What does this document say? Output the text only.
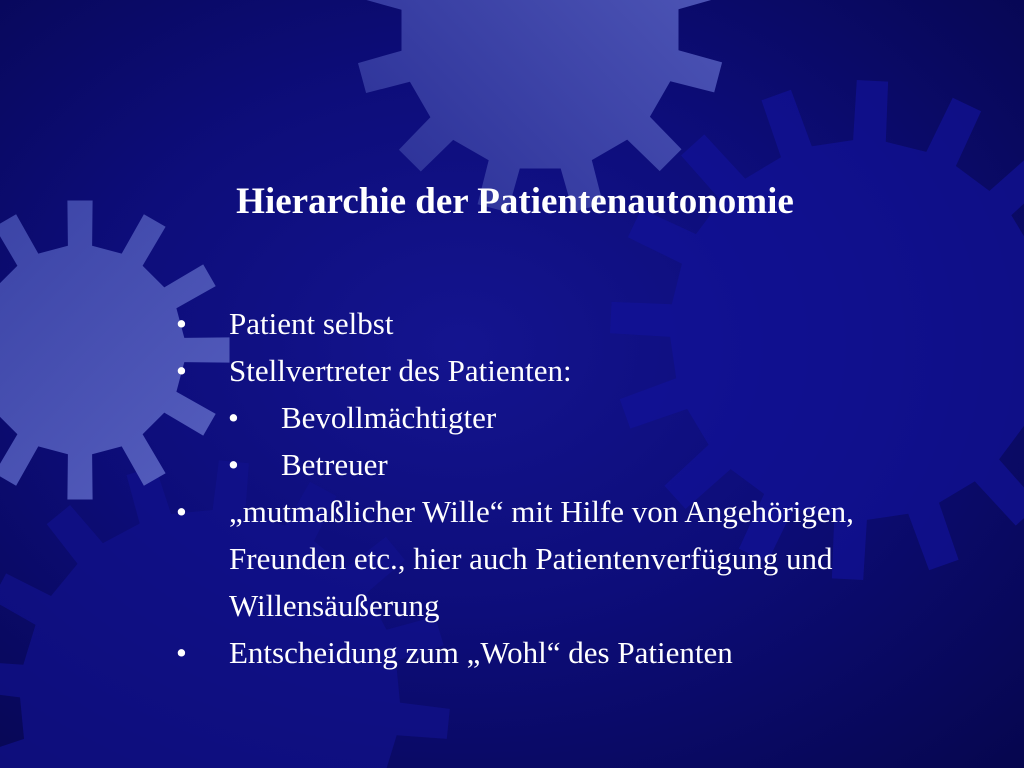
Hierarchie der Patientenautonomie
• Patient selbst
• Stellvertreter des Patienten:
• Bevollmächtigter
• Betreuer
• „mutmaßlicher Wille“ mit Hilfe von Angehörigen, Freunden etc., hier auch Patientenverfügung und Willensäußerung
• Entscheidung zum „Wohl“ des Patienten
